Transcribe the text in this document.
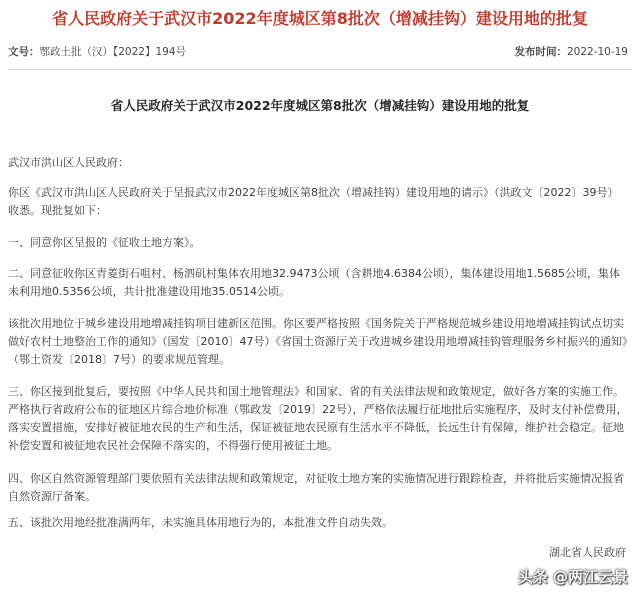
省人民政府关于武汉市2022年度城区第8批次（增减挂钩）建设用地的批复
文号：鄂政土批（汉）【2022】194号	发布时间：2022-10-19
省人民政府关于武汉市2022年度城区第8批次（增减挂钩）建设用地的批复

武汉市洪山区人民政府：

你区《武汉市洪山区人民政府关于呈报武汉市2022年度城区第8批次（增减挂钩）建设用地的请示》（洪政文〔2022〕39号）收悉。现批复如下：

一、同意你区呈报的《征收土地方案》。

二、同意征收你区青菱街石咀村、杨泗矶村集体农用地32.9473公顷（含耕地4.6384公顷），集体建设用地1.5685公顷，集体未利用地0.5356公顷，共计批准建设用地35.0514公顷。

该批次用地位于城乡建设用地增减挂钩项目建新区范围。你区要严格按照《国务院关于严格规范城乡建设用地增减挂钩试点切实做好农村土地整治工作的通知》（国发〔2010〕47号）《省国土资源厅关于改进城乡建设用地增减挂钩管理服务乡村振兴的通知》（鄂土资发〔2018〕7号）的要求规范管理。

三、你区接到批复后，要按照《中华人民共和国土地管理法》和国家、省的有关法律法规和政策规定，做好各方案的实施工作。严格执行省政府公布的征地区片综合地价标准（鄂政发〔2019〕22号），严格依法履行征地批后实施程序，及时支付补偿费用，落实安置措施，安排好被征地农民的生产和生活，保证被征地农民原有生活水平不降低，长远生计有保障，维护社会稳定。征地补偿安置和被征地农民社会保障不落实的，不得强行使用被征土地。

四、你区自然资源管理部门要依照有关法律法规和政策规定，对征收土地方案的实施情况进行跟踪检查，并将批后实施情况报省自然资源厅备案。

五、该批次用地经批准满两年，未实施具体用地行为的，本批准文件自动失效。

湖北省人民政府
头条 @两江云景
